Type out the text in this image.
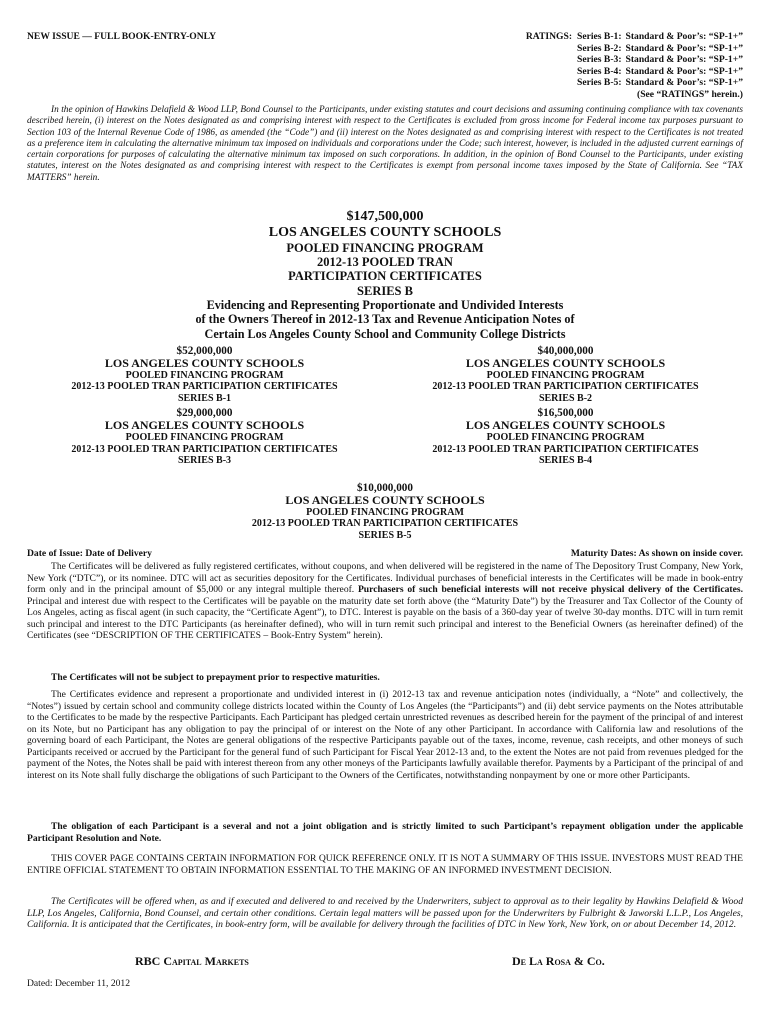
NEW ISSUE — FULL BOOK-ENTRY-ONLY	RATINGS: Series B-1: Standard & Poor’s: “SP-1+”
Series B-2: Standard & Poor’s: “SP-1+”
Series B-3: Standard & Poor’s: “SP-1+”
Series B-4: Standard & Poor’s: “SP-1+”
Series B-5: Standard & Poor’s: “SP-1+”
(See “RATINGS” herein.)

In the opinion of Hawkins Delafield & Wood LLP, Bond Counsel to the Participants, under existing statutes and court decisions and assuming continuing compliance with tax covenants described herein, (i) interest on the Notes designated as and comprising interest with respect to the Certificates is excluded from gross income for Federal income tax purposes pursuant to Section 103 of the Internal Revenue Code of 1986, as amended (the “Code”) and (ii) interest on the Notes designated as and comprising interest with respect to the Certificates is not treated as a preference item in calculating the alternative minimum tax imposed on individuals and corporations under the Code; such interest, however, is included in the adjusted current earnings of certain corporations for purposes of calculating the alternative minimum tax imposed on such corporations. In addition, in the opinion of Bond Counsel to the Participants, under existing statutes, interest on the Notes designated as and comprising interest with respect to the Certificates is exempt from personal income taxes imposed by the State of California. See “TAX MATTERS” herein.

$147,500,000
LOS ANGELES COUNTY SCHOOLS
POOLED FINANCING PROGRAM
2012-13 POOLED TRAN
PARTICIPATION CERTIFICATES
SERIES B
Evidencing and Representing Proportionate and Undivided Interests
of the Owners Thereof in 2012-13 Tax and Revenue Anticipation Notes of
Certain Los Angeles County School and Community College Districts
$52,000,000
LOS ANGELES COUNTY SCHOOLS
POOLED FINANCING PROGRAM
2012-13 POOLED TRAN PARTICIPATION CERTIFICATES
SERIES B-1
$40,000,000
LOS ANGELES COUNTY SCHOOLS
POOLED FINANCING PROGRAM
2012-13 POOLED TRAN PARTICIPATION CERTIFICATES
SERIES B-2
$29,000,000
LOS ANGELES COUNTY SCHOOLS
POOLED FINANCING PROGRAM
2012-13 POOLED TRAN PARTICIPATION CERTIFICATES
SERIES B-3
$16,500,000
LOS ANGELES COUNTY SCHOOLS
POOLED FINANCING PROGRAM
2012-13 POOLED TRAN PARTICIPATION CERTIFICATES
SERIES B-4
$10,000,000
LOS ANGELES COUNTY SCHOOLS
POOLED FINANCING PROGRAM
2012-13 POOLED TRAN PARTICIPATION CERTIFICATES
SERIES B-5
Date of Issue: Date of Delivery	Maturity Dates: As shown on inside cover.

The Certificates will be delivered as fully registered certificates, without coupons, and when delivered will be registered in the name of The Depository Trust Company, New York, New York (“DTC”), or its nominee. DTC will act as securities depository for the Certificates. Individual purchases of beneficial interests in the Certificates will be made in book-entry form only and in the principal amount of $5,000 or any integral multiple thereof. Purchasers of such beneficial interests will not receive physical delivery of the Certificates. Principal and interest due with respect to the Certificates will be payable on the maturity date set forth above (the “Maturity Date”) by the Treasurer and Tax Collector of the County of Los Angeles, acting as fiscal agent (in such capacity, the “Certificate Agent”), to DTC. Interest is payable on the basis of a 360-day year of twelve 30-day months. DTC will in turn remit such principal and interest to the DTC Participants (as hereinafter defined), who will in turn remit such principal and interest to the Beneficial Owners (as hereinafter defined) of the Certificates (see “DESCRIPTION OF THE CERTIFICATES – Book-Entry System” herein).

The Certificates will not be subject to prepayment prior to respective maturities.

The Certificates evidence and represent a proportionate and undivided interest in (i) 2012-13 tax and revenue anticipation notes (individually, a “Note” and collectively, the “Notes”) issued by certain school and community college districts located within the County of Los Angeles (the “Participants”) and (ii) debt service payments on the Notes attributable to the Certificates to be made by the respective Participants. Each Participant has pledged certain unrestricted revenues as described herein for the payment of the principal of and interest on its Note, but no Participant has any obligation to pay the principal of or interest on the Note of any other Participant. In accordance with California law and resolutions of the governing board of each Participant, the Notes are general obligations of the respective Participants payable out of the taxes, income, revenue, cash receipts, and other moneys of such Participants received or accrued by the Participant for the general fund of such Participant for Fiscal Year 2012-13 and, to the extent the Notes are not paid from revenues pledged for the payment of the Notes, the Notes shall be paid with interest thereon from any other moneys of the Participants lawfully available therefor. Payments by a Participant of the principal of and interest on its Note shall fully discharge the obligations of such Participant to the Owners of the Certificates, notwithstanding nonpayment by one or more other Participants.

The obligation of each Participant is a several and not a joint obligation and is strictly limited to such Participant’s repayment obligation under the applicable Participant Resolution and Note.

THIS COVER PAGE CONTAINS CERTAIN INFORMATION FOR QUICK REFERENCE ONLY. IT IS NOT A SUMMARY OF THIS ISSUE. INVESTORS MUST READ THE ENTIRE OFFICIAL STATEMENT TO OBTAIN INFORMATION ESSENTIAL TO THE MAKING OF AN INFORMED INVESTMENT DECISION.

The Certificates will be offered when, as and if executed and delivered to and received by the Underwriters, subject to approval as to their legality by Hawkins Delafield & Wood LLP, Los Angeles, California, Bond Counsel, and certain other conditions. Certain legal matters will be passed upon for the Underwriters by Fulbright & Jaworski L.L.P., Los Angeles, California. It is anticipated that the Certificates, in book-entry form, will be available for delivery through the facilities of DTC in New York, New York, on or about December 14, 2012.

RBC Capital Markets	De La Rosa & Co.
Dated: December 11, 2012
